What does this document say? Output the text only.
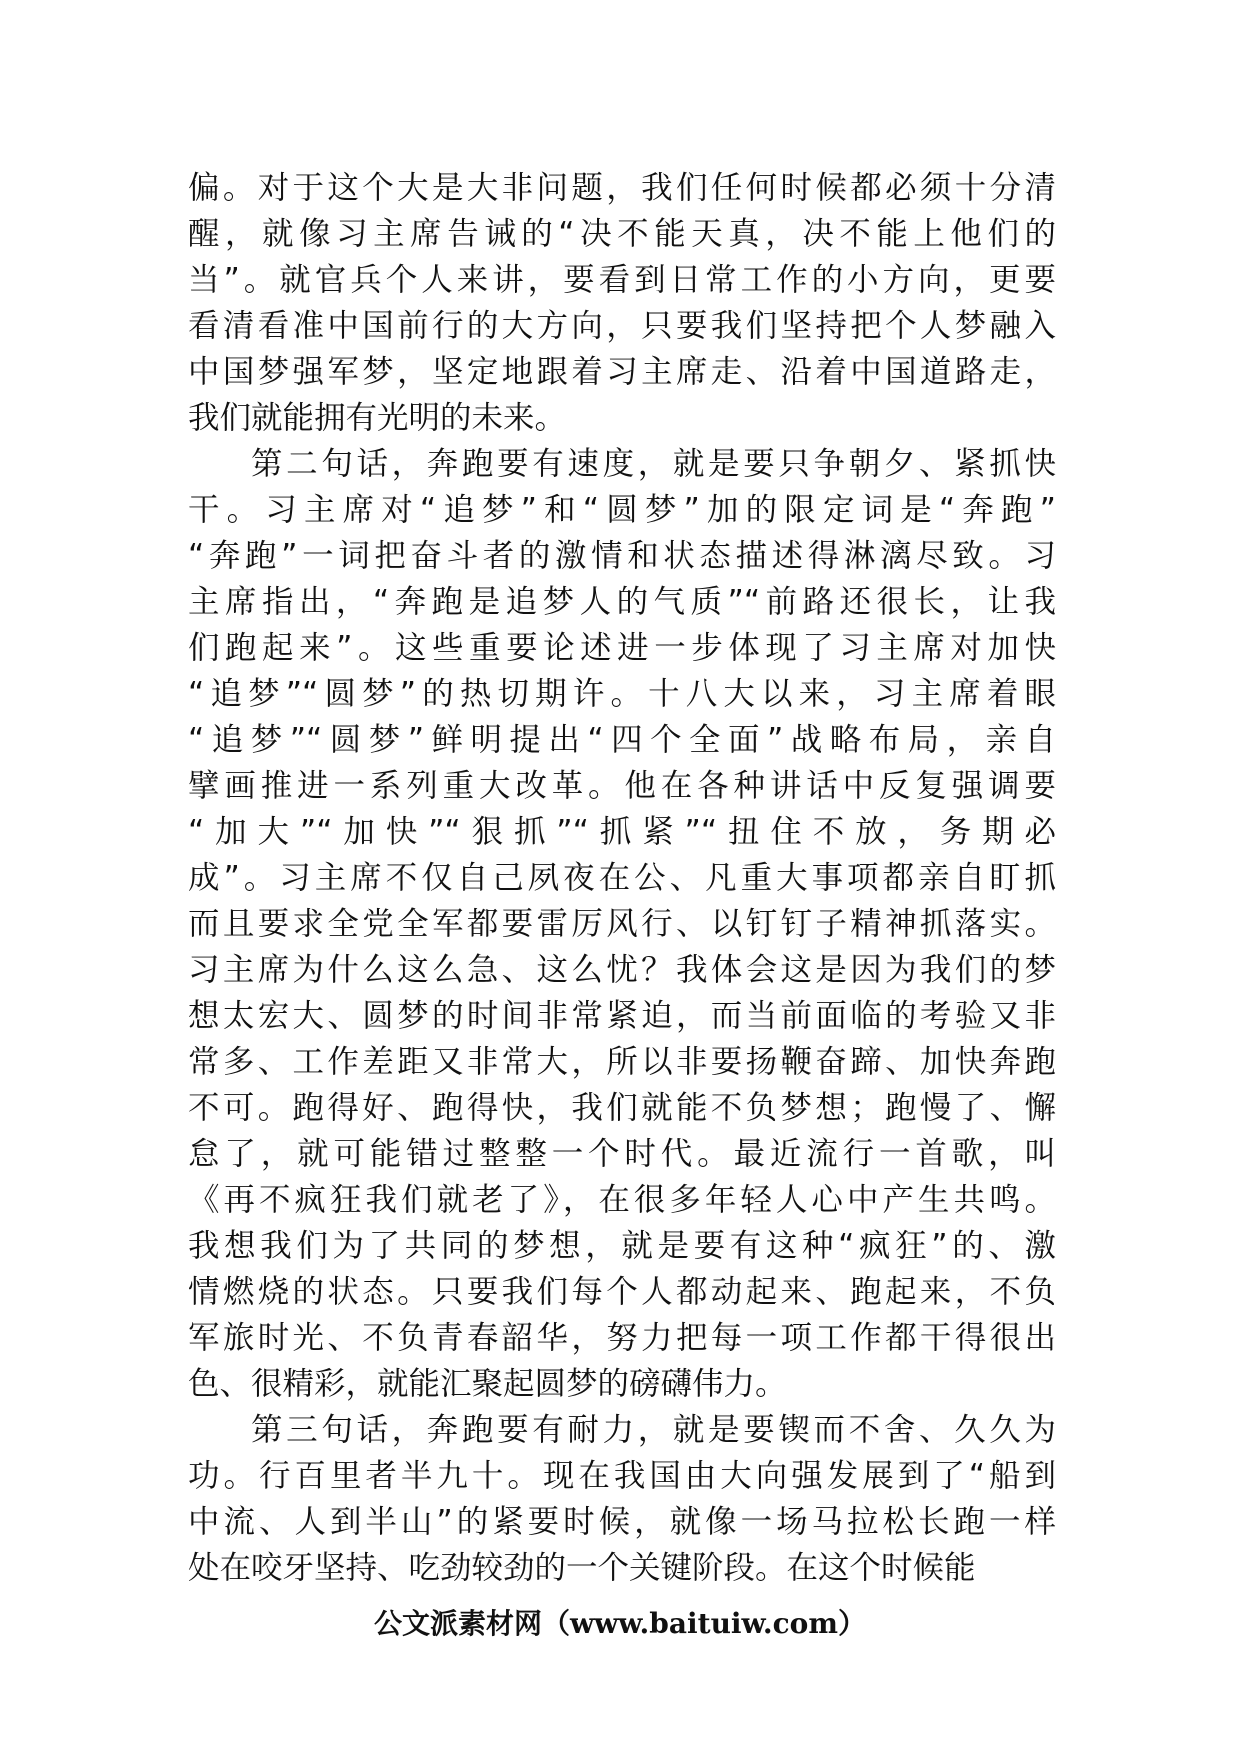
偏。对于这个大是大非问题，我们任何时候都必须十分清
醒，就像习主席告诫的“决不能天真，决不能上他们的
当”。就官兵个人来讲，要看到日常工作的小方向，更要
看清看准中国前行的大方向，只要我们坚持把个人梦融入
中国梦强军梦，坚定地跟着习主席走、沿着中国道路走，
我们就能拥有光明的未来。
第二句话，奔跑要有速度，就是要只争朝夕、紧抓快
干。习主席对“追梦”和“圆梦”加的限定词是“奔跑”
“奔跑”一词把奋斗者的激情和状态描述得淋漓尽致。习
主席指出，“奔跑是追梦人的气质”“前路还很长，让我
们跑起来”。这些重要论述进一步体现了习主席对加快
“追梦”“圆梦”的热切期许。十八大以来，习主席着眼
“追梦”“圆梦”鲜明提出“四个全面”战略布局，亲自
擘画推进一系列重大改革。他在各种讲话中反复强调要
“加大”“加快”“狠抓”“抓紧”“扭住不放，务期必
成”。习主席不仅自己夙夜在公、凡重大事项都亲自盯抓
而且要求全党全军都要雷厉风行、以钉钉子精神抓落实。
习主席为什么这么急、这么忧？我体会这是因为我们的梦
想太宏大、圆梦的时间非常紧迫，而当前面临的考验又非
常多、工作差距又非常大，所以非要扬鞭奋蹄、加快奔跑
不可。跑得好、跑得快，我们就能不负梦想；跑慢了、懈
怠了，就可能错过整整一个时代。最近流行一首歌，叫
《再不疯狂我们就老了》，在很多年轻人心中产生共鸣。
我想我们为了共同的梦想，就是要有这种“疯狂”的、激
情燃烧的状态。只要我们每个人都动起来、跑起来，不负
军旅时光、不负青春韶华，努力把每一项工作都干得很出
色、很精彩，就能汇聚起圆梦的磅礴伟力。
第三句话，奔跑要有耐力，就是要锲而不舍、久久为
功。行百里者半九十。现在我国由大向强发展到了“船到
中流、人到半山”的紧要时候，就像一场马拉松长跑一样
处在咬牙坚持、吃劲较劲的一个关键阶段。在这个时候能
公文派素材网（www.baituiw.com）
